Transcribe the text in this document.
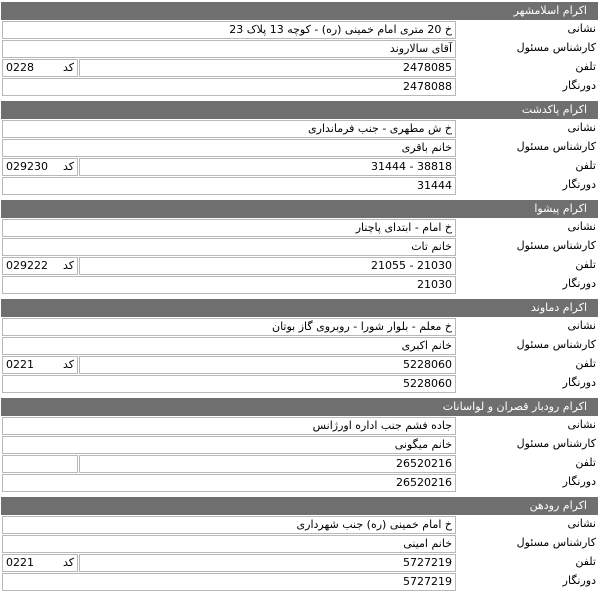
اکرام اسلامشهر
نشانی
خ 20 متری امام خمینی (ره) - کوچه 13 پلاک 23
کارشناس مسئول
آقای سالاروند
تلفن
2478085
0228	کد
دورنگار
2478088
اکرام پاکدشت
نشانی
خ ش مطهری - جنب فرمانداری
کارشناس مسئول
خانم باقری
تلفن
31444 - 38818
029230 کد
دورنگار
31444
اکرام پیشوا
نشانی
خ امام - ابتدای پاچنار
کارشناس مسئول
خانم تات
تلفن
21055 - 21030
029222 کد
دورنگار
21030
اکرام دماوند
نشانی
خ معلم - بلوار شورا - روبروی گاز بوتان
کارشناس مسئول
خانم اکبری
تلفن
5228060
0221	کد
دورنگار
5228060
اکرام رودبار قصران و لواسانات
نشانی
جاده فشم جنب اداره اورژانس
کارشناس مسئول
خانم میگونی
تلفن
26520216
دورنگار
26520216
اکرام رودهن
نشانی
خ امام خمینی (ره) جنب شهرداری
کارشناس مسئول
خانم امینی
تلفن
5727219
0221	کد
دورنگار
5727219
